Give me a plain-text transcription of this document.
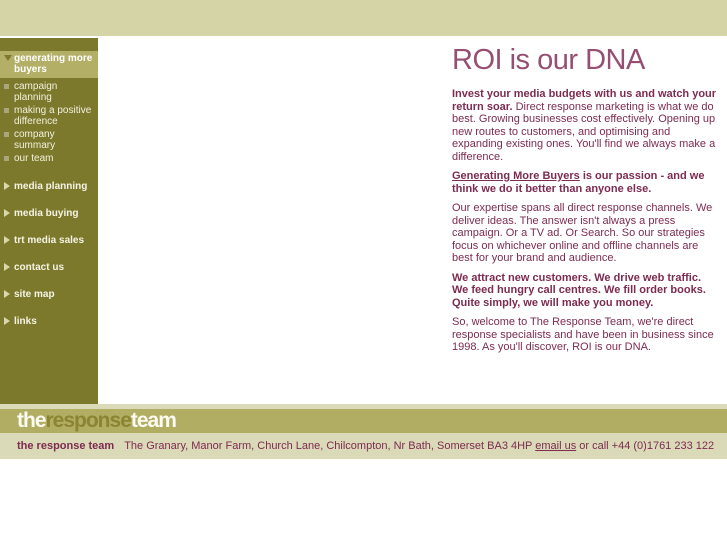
generating more buyers
campaign planning
making a positive difference
company summary
our team
media planning
media buying
trt media sales
contact us
site map
links
ROI is our DNA

Invest your media budgets with us and watch your return soar. Direct response marketing is what we do best. Growing businesses cost effectively. Opening up new routes to customers, and optimising and expanding existing ones. You'll find we always make a difference.

Generating More Buyers is our passion - and we think we do it better than anyone else.

Our expertise spans all direct response channels. We deliver ideas. The answer isn't always a press campaign. Or a TV ad. Or Search. So our strategies focus on whichever online and offline channels are best for your brand and audience.

We attract new customers. We drive web traffic. We feed hungry call centres. We fill order books. Quite simply, we will make you money.

So, welcome to The Response Team, we're direct response specialists and have been in business since 1998. As you'll discover, ROI is our DNA.

theresponseteam
the response team The Granary, Manor Farm, Church Lane, Chilcompton, Nr Bath, Somerset BA3 4HP email us or call +44 (0)1761 233 122
